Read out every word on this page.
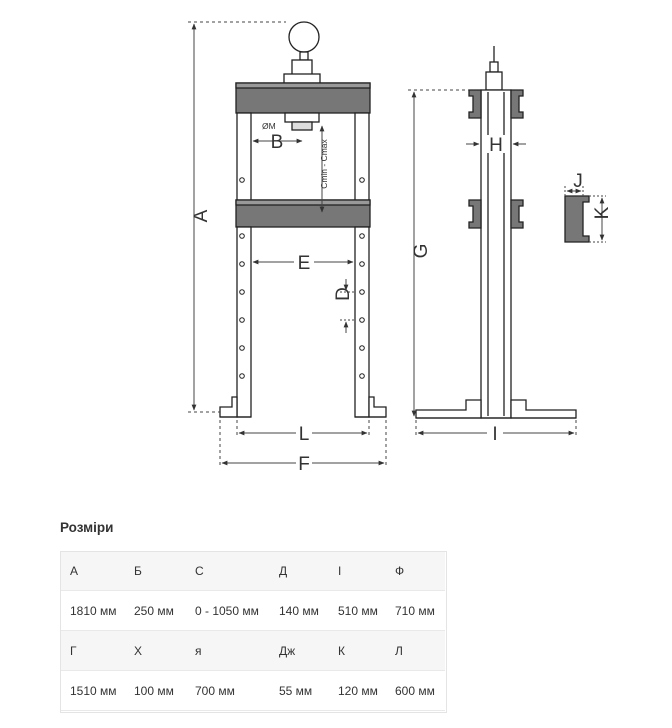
A
B
ØM
Cmin - Cmax
E
D
L
F
G
H
I
J
K
Розміри
А	Б	С	Д	І	Ф
1810 мм	250 мм	0 - 1050 мм	140 мм	510 мм	710 мм
Г	Х	я	Дж	К	Л
1510 мм	100 мм	700 мм	55 мм	120 мм	600 мм
